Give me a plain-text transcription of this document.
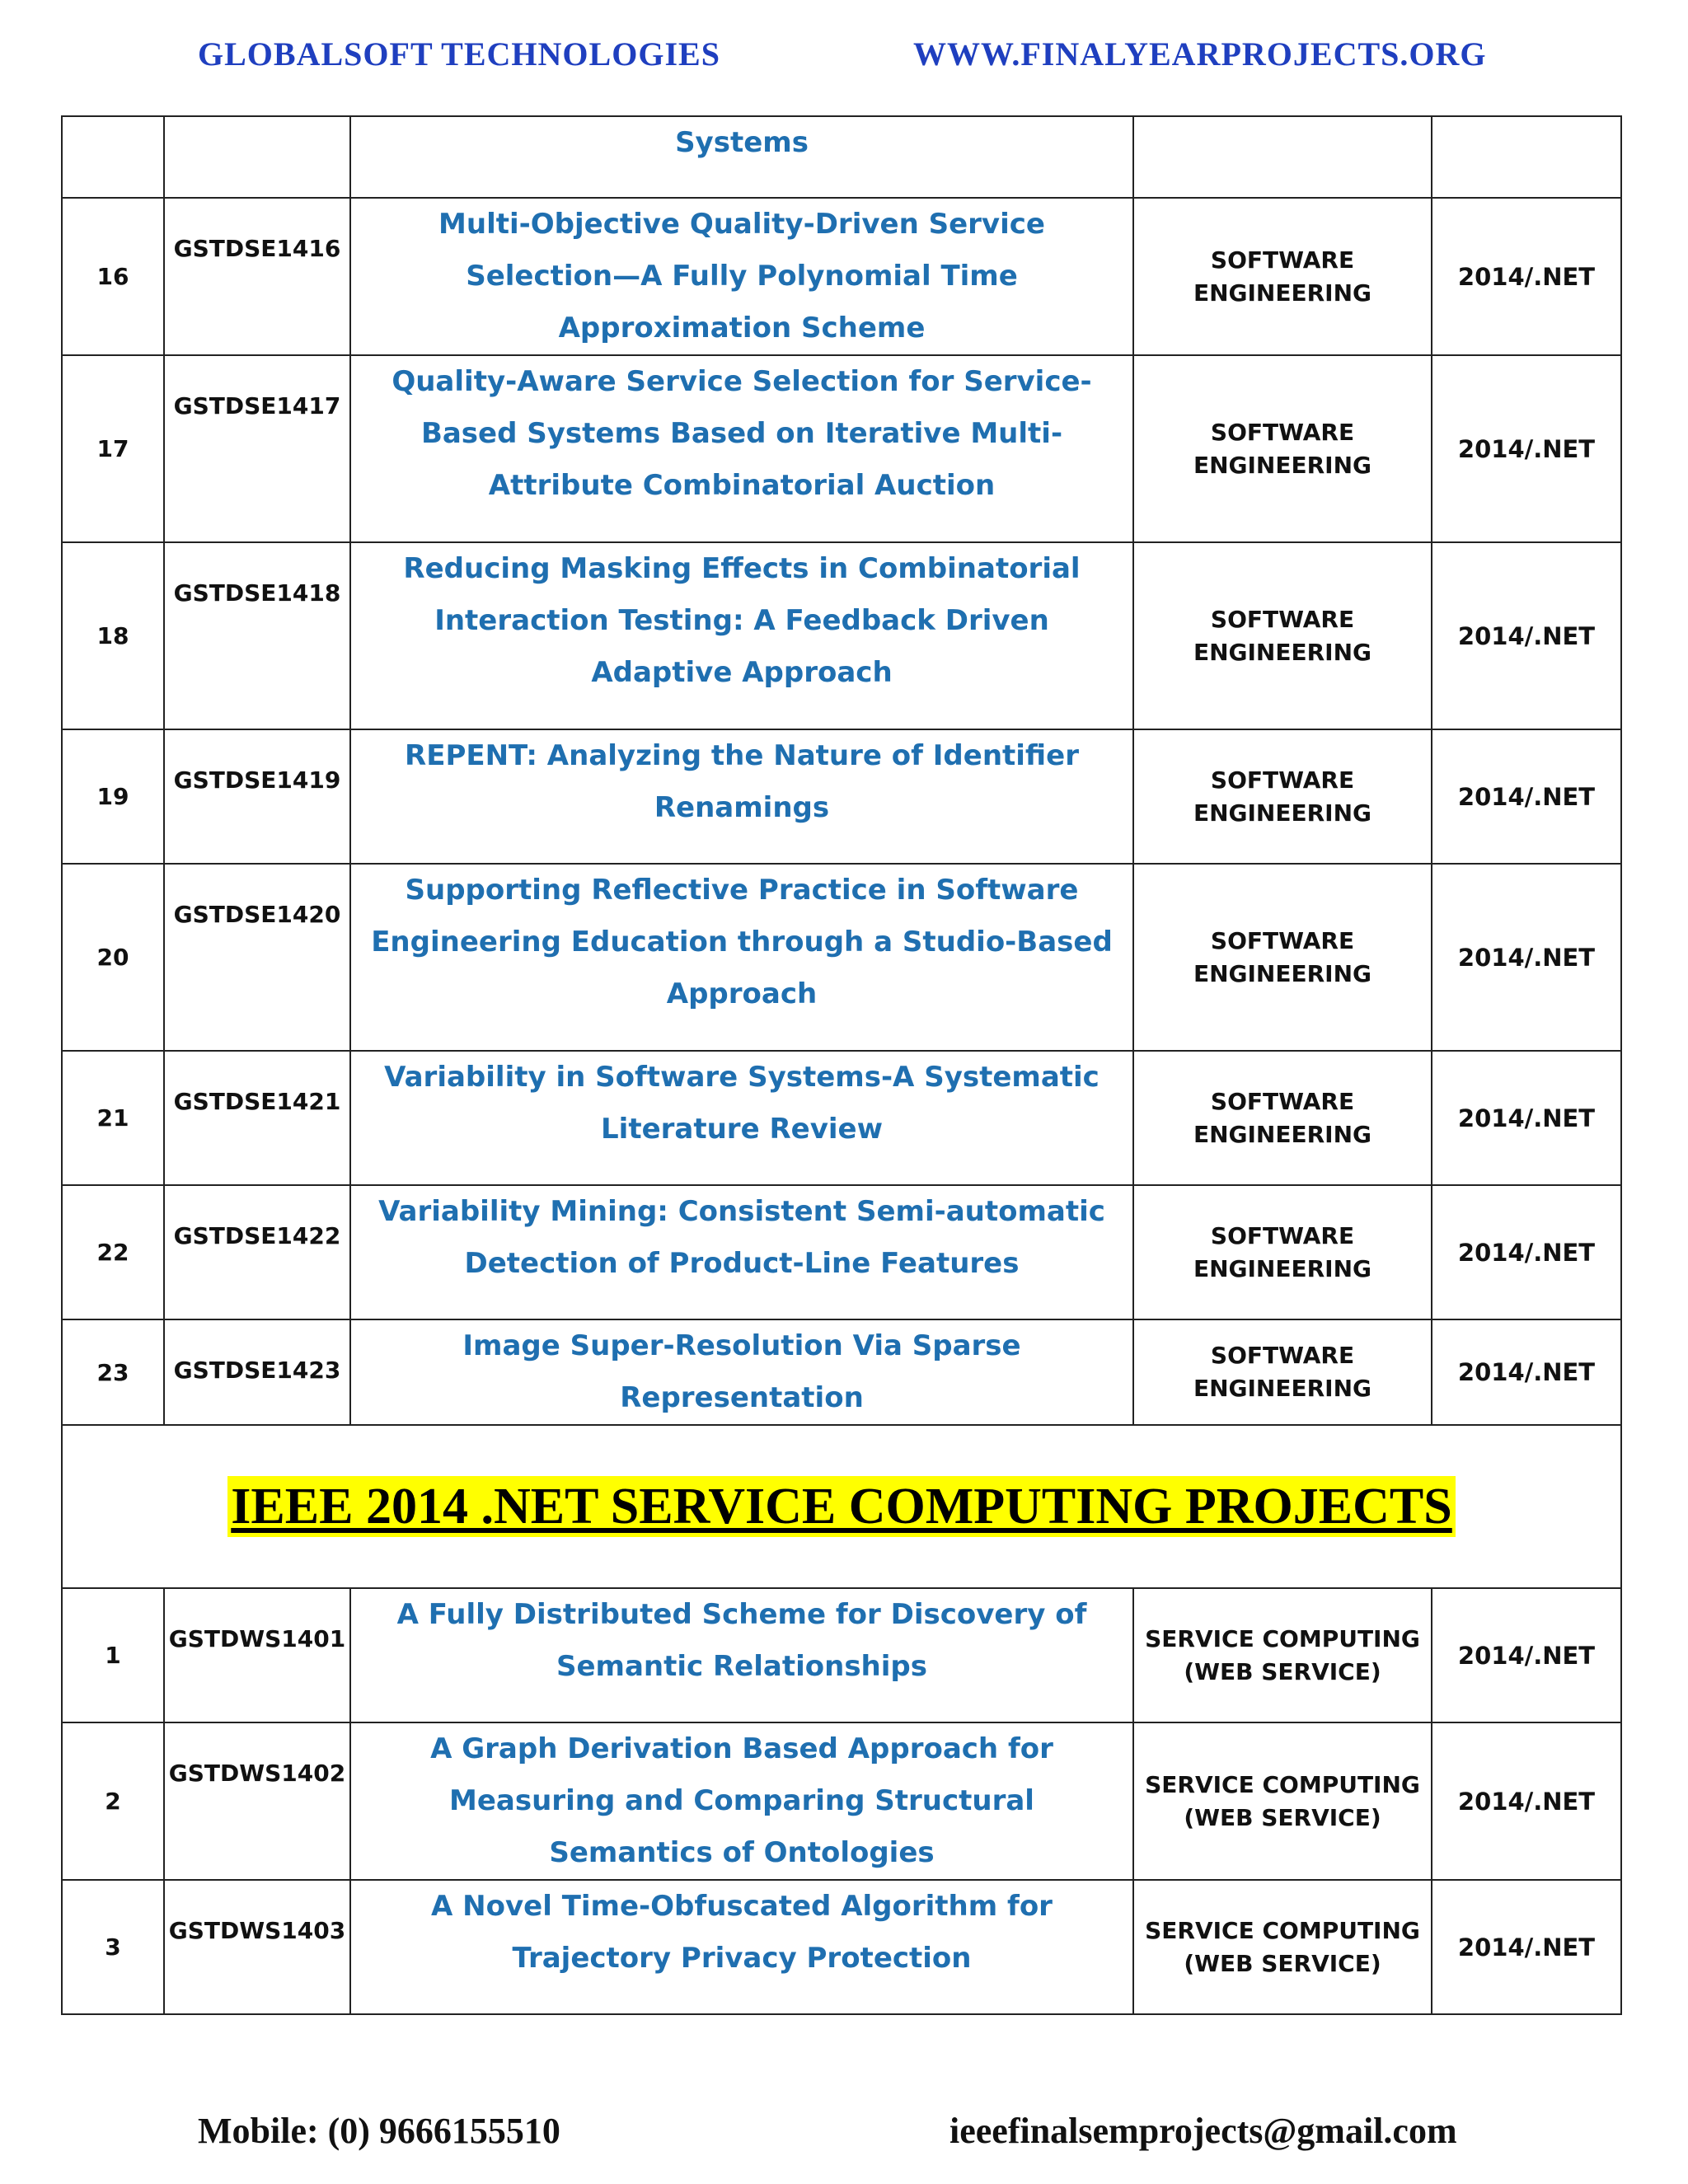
GLOBALSOFT TECHNOLOGIES	WWW.FINALYEARPROJECTS.ORG
		Systems		
16	GSTDSE1416	Multi-Objective Quality-Driven Service Selection—A Fully Polynomial Time Approximation Scheme	SOFTWARE ENGINEERING	2014/.NET
17	GSTDSE1417	Quality-Aware Service Selection for Service-Based Systems Based on Iterative Multi- Attribute Combinatorial Auction	SOFTWARE ENGINEERING	2014/.NET
18	GSTDSE1418	Reducing Masking Effects in Combinatorial Interaction Testing: A Feedback Driven Adaptive Approach	SOFTWARE ENGINEERING	2014/.NET
19	GSTDSE1419	REPENT: Analyzing the Nature of Identifier Renamings	SOFTWARE ENGINEERING	2014/.NET
20	GSTDSE1420	Supporting Reflective Practice in Software Engineering Education through a Studio-Based Approach	SOFTWARE ENGINEERING	2014/.NET
21	GSTDSE1421	Variability in Software Systems-A Systematic Literature Review	SOFTWARE ENGINEERING	2014/.NET
22	GSTDSE1422	Variability Mining: Consistent Semi-automatic Detection of Product-Line Features	SOFTWARE ENGINEERING	2014/.NET
23	GSTDSE1423	Image Super-Resolution Via Sparse Representation	SOFTWARE ENGINEERING	2014/.NET
IEEE 2014 .NET SERVICE COMPUTING PROJECTS				
1	GSTDWS1401	A Fully Distributed Scheme for Discovery of Semantic Relationships	SERVICE COMPUTING (WEB SERVICE)	2014/.NET
2	GSTDWS1402	A Graph Derivation Based Approach for Measuring and Comparing Structural Semantics of Ontologies	SERVICE COMPUTING (WEB SERVICE)	2014/.NET
3	GSTDWS1403	A Novel Time-Obfuscated Algorithm for Trajectory Privacy Protection	SERVICE COMPUTING (WEB SERVICE)	2014/.NET
Mobile: (0) 9666155510	ieeefinalsemprojects@gmail.com
